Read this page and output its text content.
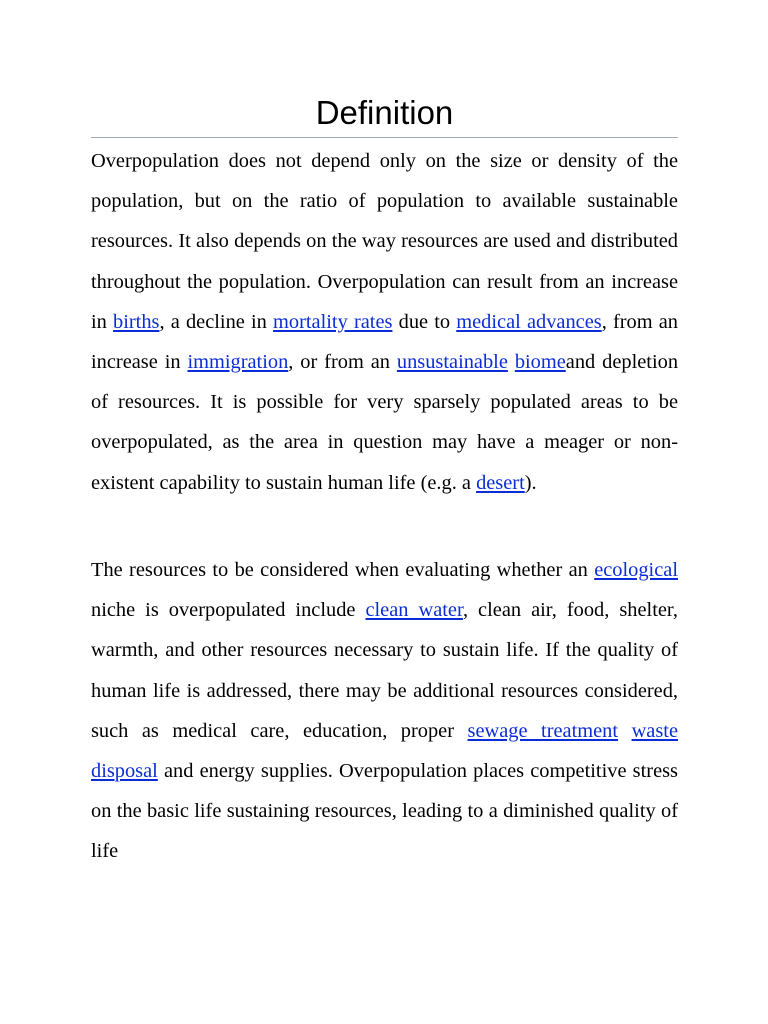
Definition

Overpopulation does not depend only on the size or density of the population, but on the ratio of population to available sustainable resources. It also depends on the way resources are used and distributed throughout the population. Overpopulation can result from an increase in births, a decline in mortality rates due to medical advances, from an increase in immigration, or from an unsustainable biomeand depletion of resources. It is possible for very sparsely populated areas to be overpopulated, as the area in question may have a meager or non-existent capability to sustain human life (e.g. a desert).

The resources to be considered when evaluating whether an ecological niche is overpopulated include clean water, clean air, food, shelter, warmth, and other resources necessary to sustain life. If the quality of human life is addressed, there may be additional resources considered, such as medical care, education, proper sewage treatment waste disposal and energy supplies. Overpopulation places competitive stress on the basic life sustaining resources, leading to a diminished quality of life
